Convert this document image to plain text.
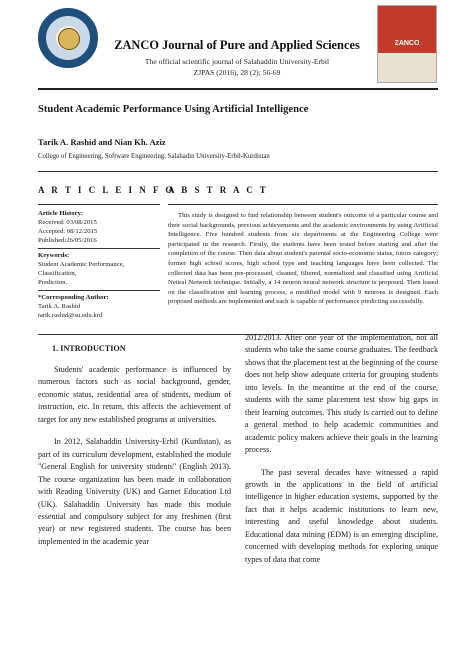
ZANCO Journal of Pure and Applied Sciences
The official scientific journal of Salahaddin University-Erbil
ZJPAS (2016), 28 (2); 56-69
ZANCO
Student Academic Performance Using Artificial Intelligence
Tarik A. Rashid and Nian Kh. Aziz
College of Engineering, Software Engineering, Salahadin University-Erbil-Kurdistan
A R T I C L E I N F O
Article History:
Received: 03/08/2015
Accepted: 08/12/2015
Published:26/05/2016
Keywords:
Student Academic Performance,
Classification,
Prediction.
*Corresponding Author:
Tarik A. Rashid
tarik.rashid@su.edu.krd
A B S T R A C T
This study is designed to find relationship between student's outcome of a particular course and their social backgrounds, previous achievements and the academic environments by using Artificial Intelligence. Five hundred students from six departments at the Engineering College were participated in the research. Firstly, the students have been tested before starting and after the completion of the course. Then data about student's parental socio-economic status, tutors category; former high school scores, high school type and teaching languages have been collected. The collected data has been pre-processed, cleaned, filtered, normalized and classified using Artificial Neural Network technique. Initially, a 14 neuron neural network structure is proposed. Then based on the classification and learning process, a modified model with 9 neurons is designed. Each proposed methods are implemented and each is capable of performance predicting successfully.
1. INTRODUCTION

Students' academic performance is influenced by numerous factors such as social background, gender, economic status, residential area of students, medium of instruction, etc. In return, this affects the achievement of target for any new established programs at universities.

In 2012, Salahaddin University-Erbil (Kurdistan), as part of its curriculum development, established the module "General English for university students" (English 2013). The course organization has been made in collaboration with Reading University (UK) and Garnet Education Ltd (UK). Salahaddin University has made this module essential and compulsory subject for any freshmen (first year) or new registered students. The course has been implemented in the academic year

2012/2013. After one year of the implementation, not all students who take the same course graduates. The feedback shows that the placement test at the beginning of the course does not help show adequate criteria for grouping students into levels. In the meantime at the end of the course, students with the same placement test show big gaps in their learning outcomes. This study is carried out to define a general method to help academic communities and academic policy makers achieve their goals in the learning process.

The past several decades have witnessed a rapid growth in the applications in the field of artificial intelligence in higher education systems, supported by the fact that it helps academic institutions to learn new, interesting and useful knowledge about students. Educational data mining (EDM) is an emerging discipline, concerned with developing methods for exploring unique types of data that come
